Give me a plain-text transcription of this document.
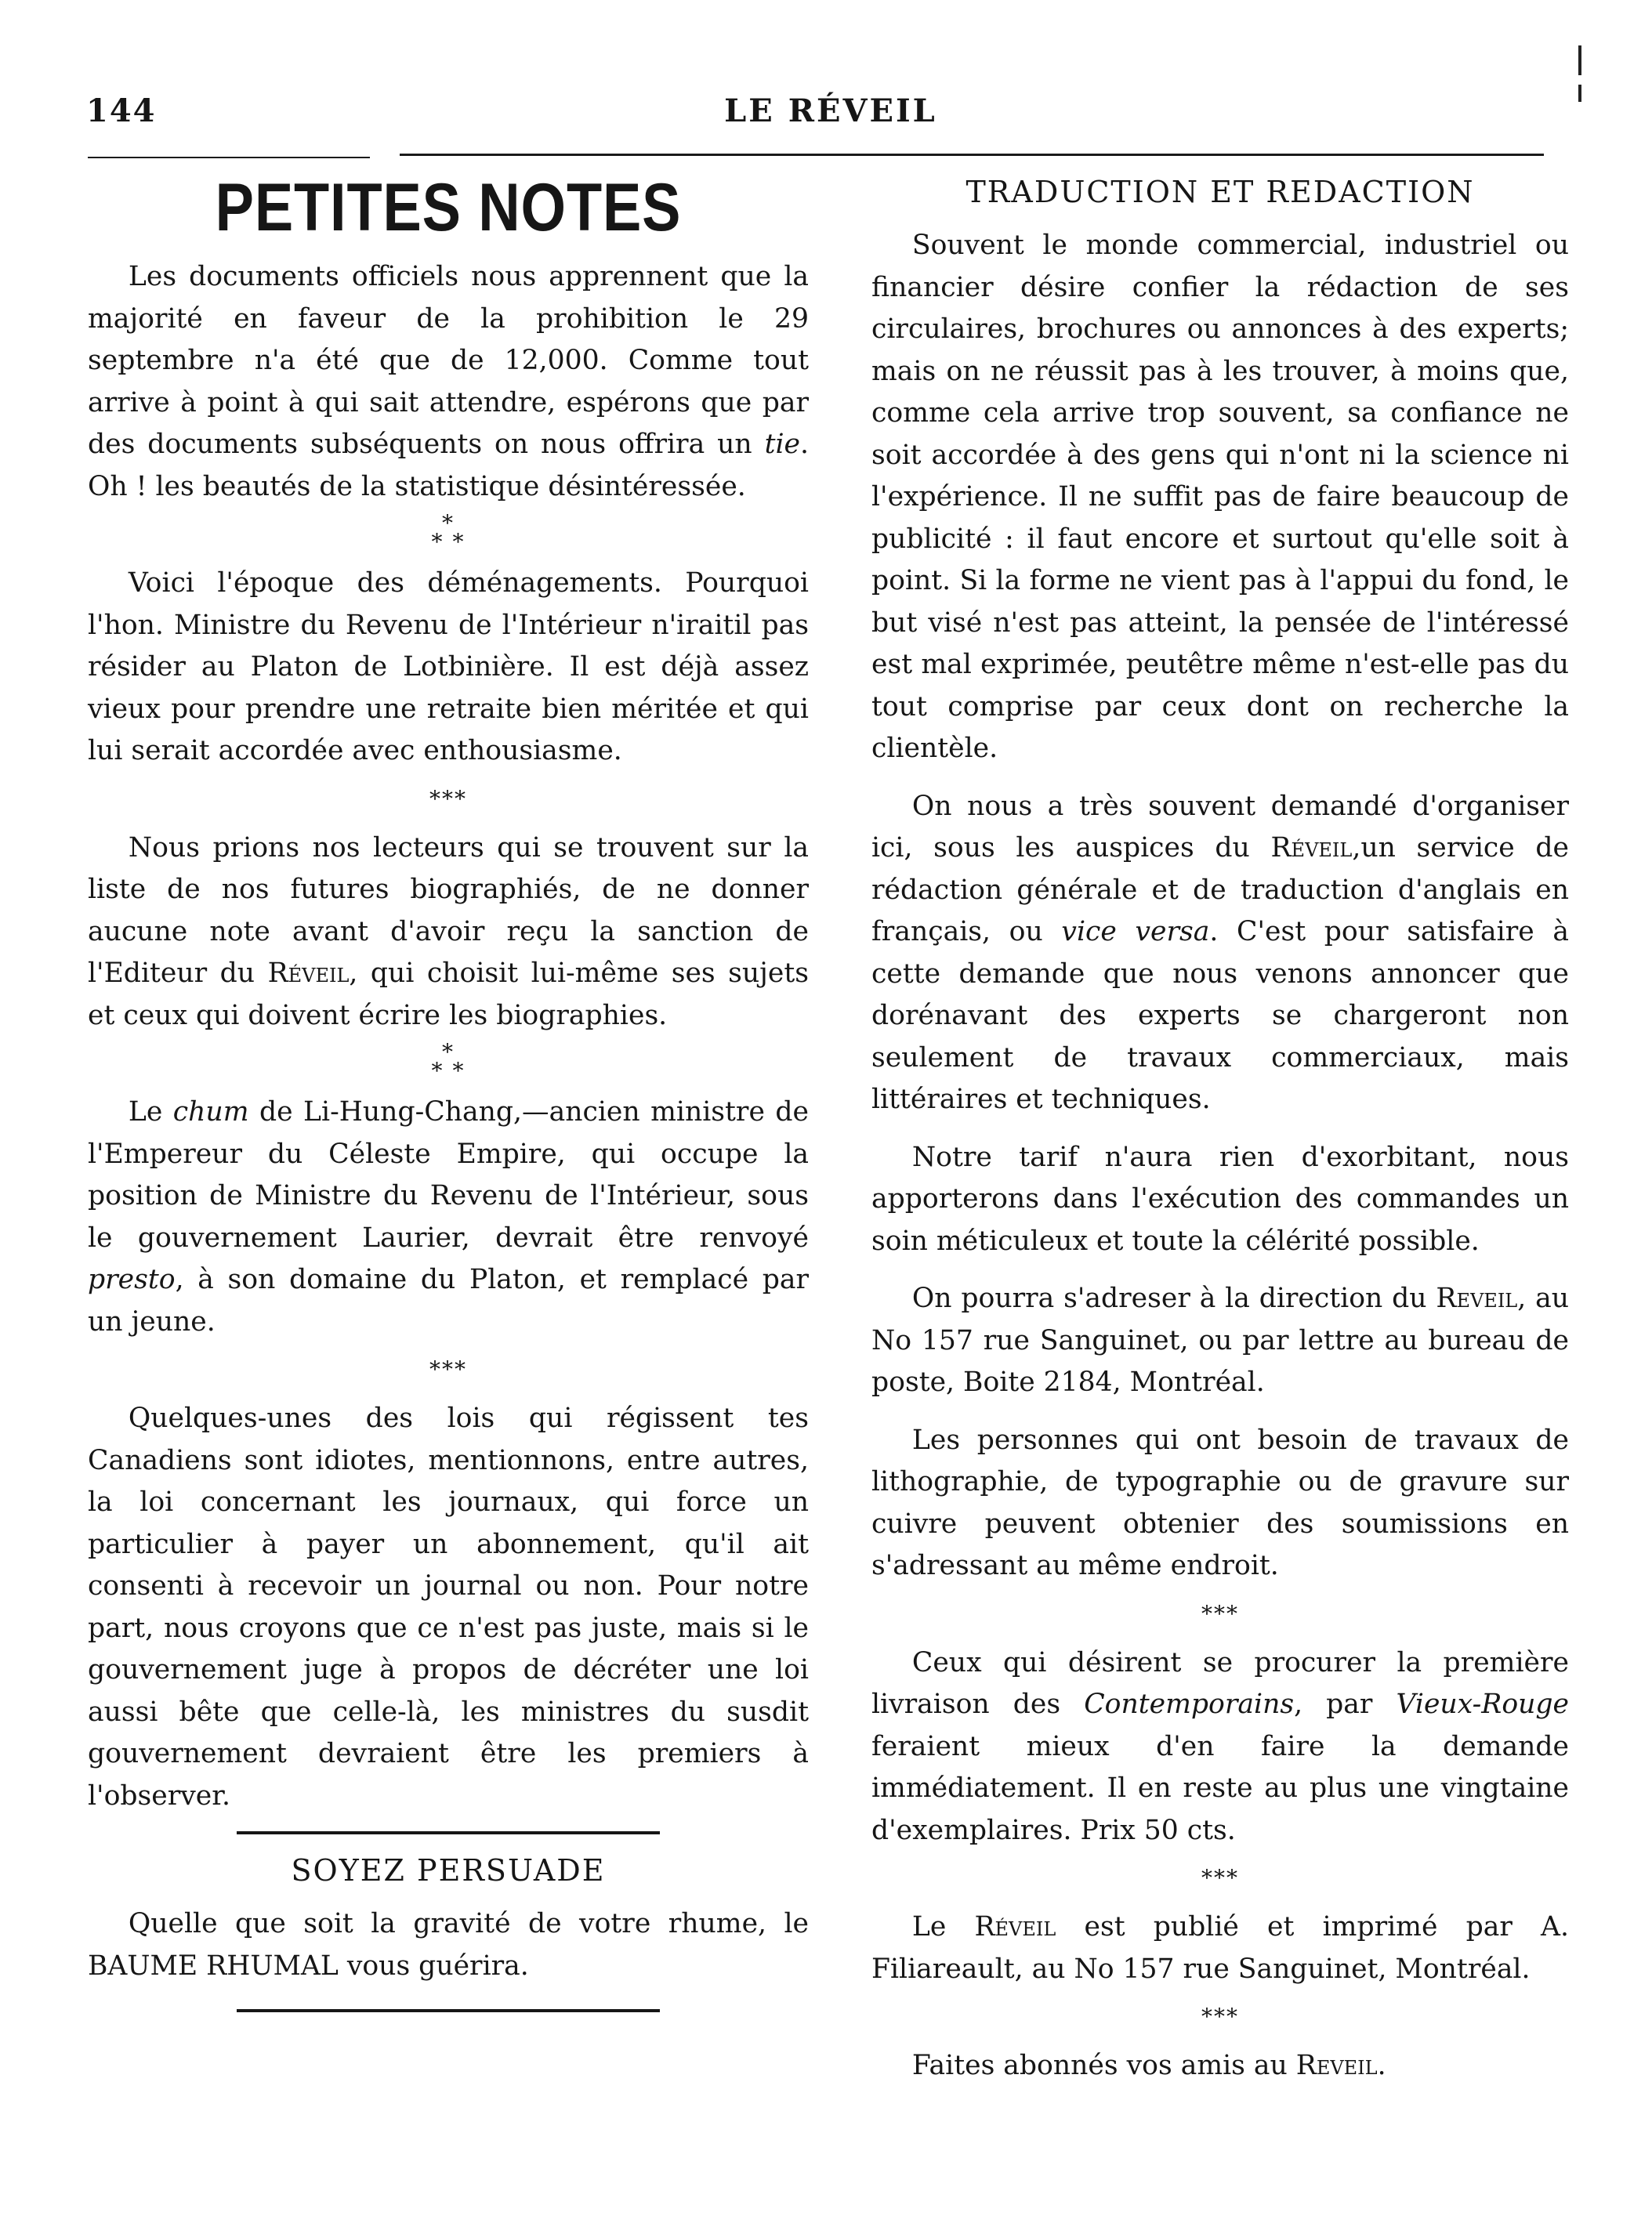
144	LE RÉVEIL
PETITES NOTES

Les documents officiels nous apprennent que la majorité en faveur de la prohibition le 29 septembre n'a été que de 12,000. Comme tout arrive à point à qui sait attendre, espérons que par des documents subséquents on nous offrira un tie. Oh ! les beautés de la statistique désintéressée.

*
* *

Voici l'époque des déménagements. Pourquoi l'hon. Ministre du Revenu de l'Intérieur n'iraitil pas résider au Platon de Lotbinière. Il est déjà assez vieux pour prendre une retraite bien méritée et qui lui serait accordée avec enthousiasme.

***

Nous prions nos lecteurs qui se trouvent sur la liste de nos futures biographiés, de ne donner aucune note avant d'avoir reçu la sanction de l'Editeur du Réveil, qui choisit lui-même ses sujets et ceux qui doivent écrire les biographies.

*
* *

Le chum de Li-Hung-Chang,—ancien ministre de l'Empereur du Céleste Empire, qui occupe la position de Ministre du Revenu de l'Intérieur, sous le gouvernement Laurier, devrait être renvoyé presto, à son domaine du Platon, et remplacé par un jeune.

***

Quelques-unes des lois qui régissent tes Canadiens sont idiotes, mentionnons, entre autres, la loi concernant les journaux, qui force un particulier à payer un abonnement, qu'il ait consenti à recevoir un journal ou non. Pour notre part, nous croyons que ce n'est pas juste, mais si le gouvernement juge à propos de décréter une loi aussi bête que celle-là, les ministres du susdit gouvernement devraient être les premiers à l'observer.

SOYEZ PERSUADE

Quelle que soit la gravité de votre rhume, le BAUME RHUMAL vous guérira.

TRADUCTION ET REDACTION

Souvent le monde commercial, industriel ou financier désire confier la rédaction de ses circulaires, brochures ou annonces à des experts; mais on ne réussit pas à les trouver, à moins que, comme cela arrive trop souvent, sa confiance ne soit accordée à des gens qui n'ont ni la science ni l'expérience. Il ne suffit pas de faire beaucoup de publicité : il faut encore et surtout qu'elle soit à point. Si la forme ne vient pas à l'appui du fond, le but visé n'est pas atteint, la pensée de l'intéressé est mal exprimée, peutêtre même n'est-elle pas du tout comprise par ceux dont on recherche la clientèle.

On nous a très souvent demandé d'organiser ici, sous les auspices du Réveil,un service de rédaction générale et de traduction d'anglais en français, ou vice versa. C'est pour satisfaire à cette demande que nous venons annoncer que dorénavant des experts se chargeront non seulement de travaux commerciaux, mais littéraires et techniques.

Notre tarif n'aura rien d'exorbitant, nous apporterons dans l'exécution des commandes un soin méticuleux et toute la célérité possible.

On pourra s'adreser à la direction du Reveil, au No 157 rue Sanguinet, ou par lettre au bureau de poste, Boite 2184, Montréal.

Les personnes qui ont besoin de travaux de lithographie, de typographie ou de gravure sur cuivre peuvent obtenier des soumissions en s'adressant au même endroit.

***

Ceux qui désirent se procurer la première livraison des Contemporains, par Vieux-Rouge feraient mieux d'en faire la demande immédiatement. Il en reste au plus une vingtaine d'exemplaires. Prix 50 cts.

***

Le Réveil est publié et imprimé par A. Filiareault, au No 157 rue Sanguinet, Montréal.

***

Faites abonnés vos amis au Reveil.
